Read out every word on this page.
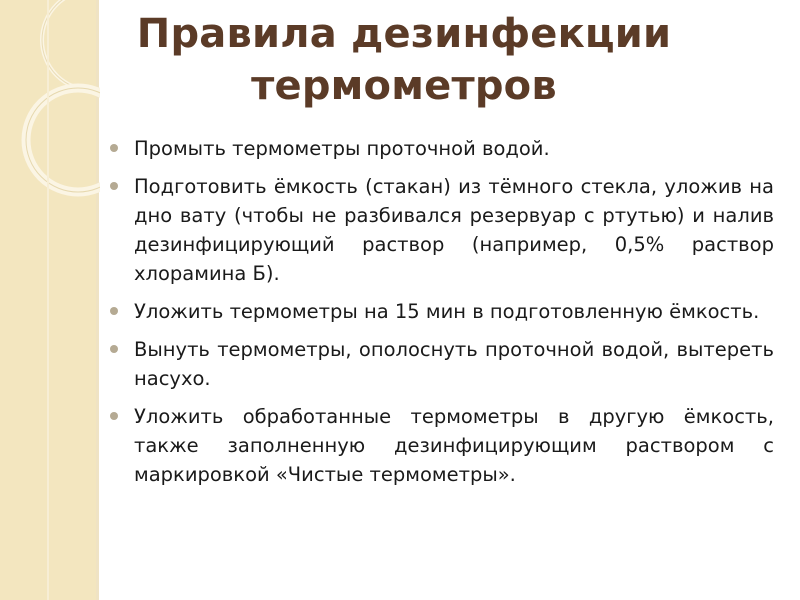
Правила дезинфекции
термометров
Промыть термометры проточной водой.
Подготовить ёмкость (стакан) из тёмного стекла, уложив на дно вату (чтобы не разбивался резервуар с ртутью) и налив дезинфицирующий раствор (например, 0,5% раствор хлорамина Б).
Уложить термометры на 15 мин в подготовленную ёмкость.
Вынуть термометры, ополоснуть проточной водой, вытереть насухо.
Уложить обработанные термометры в другую ёмкость, также заполненную дезинфицирующим раствором с маркировкой «Чистые термометры».
